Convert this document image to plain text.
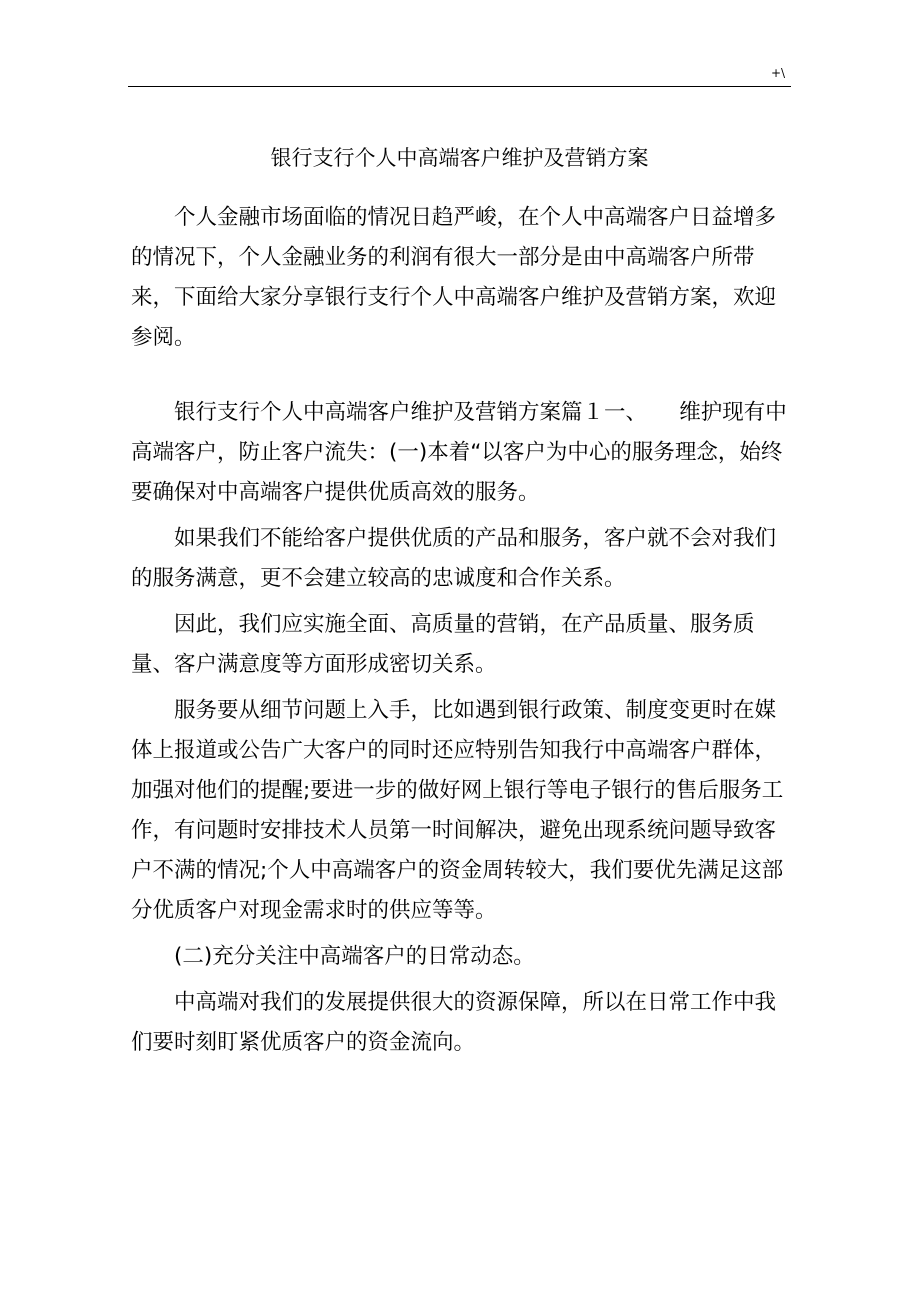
+\
银行支行个人中高端客户维护及营销方案

个人金融市场面临的情况日趋严峻，在个人中高端客户日益增多的情况下，个人金融业务的利润有很大一部分是由中高端客户所带来，下面给大家分享银行支行个人中高端客户维护及营销方案，欢迎参阅。

银行支行个人中高端客户维护及营销方案篇１一、　　维护现有中高端客户，防止客户流失：(一)本着“以客户为中心的服务理念，始终要确保对中高端客户提供优质高效的服务。

如果我们不能给客户提供优质的产品和服务，客户就不会对我们的服务满意，更不会建立较高的忠诚度和合作关系。

因此，我们应实施全面、高质量的营销，在产品质量、服务质量、客户满意度等方面形成密切关系。

服务要从细节问题上入手，比如遇到银行政策、制度变更时在媒体上报道或公告广大客户的同时还应特别告知我行中高端客户群体，加强对他们的提醒;要进一步的做好网上银行等电子银行的售后服务工作，有问题时安排技术人员第一时间解决，避免出现系统问题导致客户不满的情况;个人中高端客户的资金周转较大，我们要优先满足这部分优质客户对现金需求时的供应等等。

(二)充分关注中高端客户的日常动态。

中高端对我们的发展提供很大的资源保障，所以在日常工作中我们要时刻盯紧优质客户的资金流向。
